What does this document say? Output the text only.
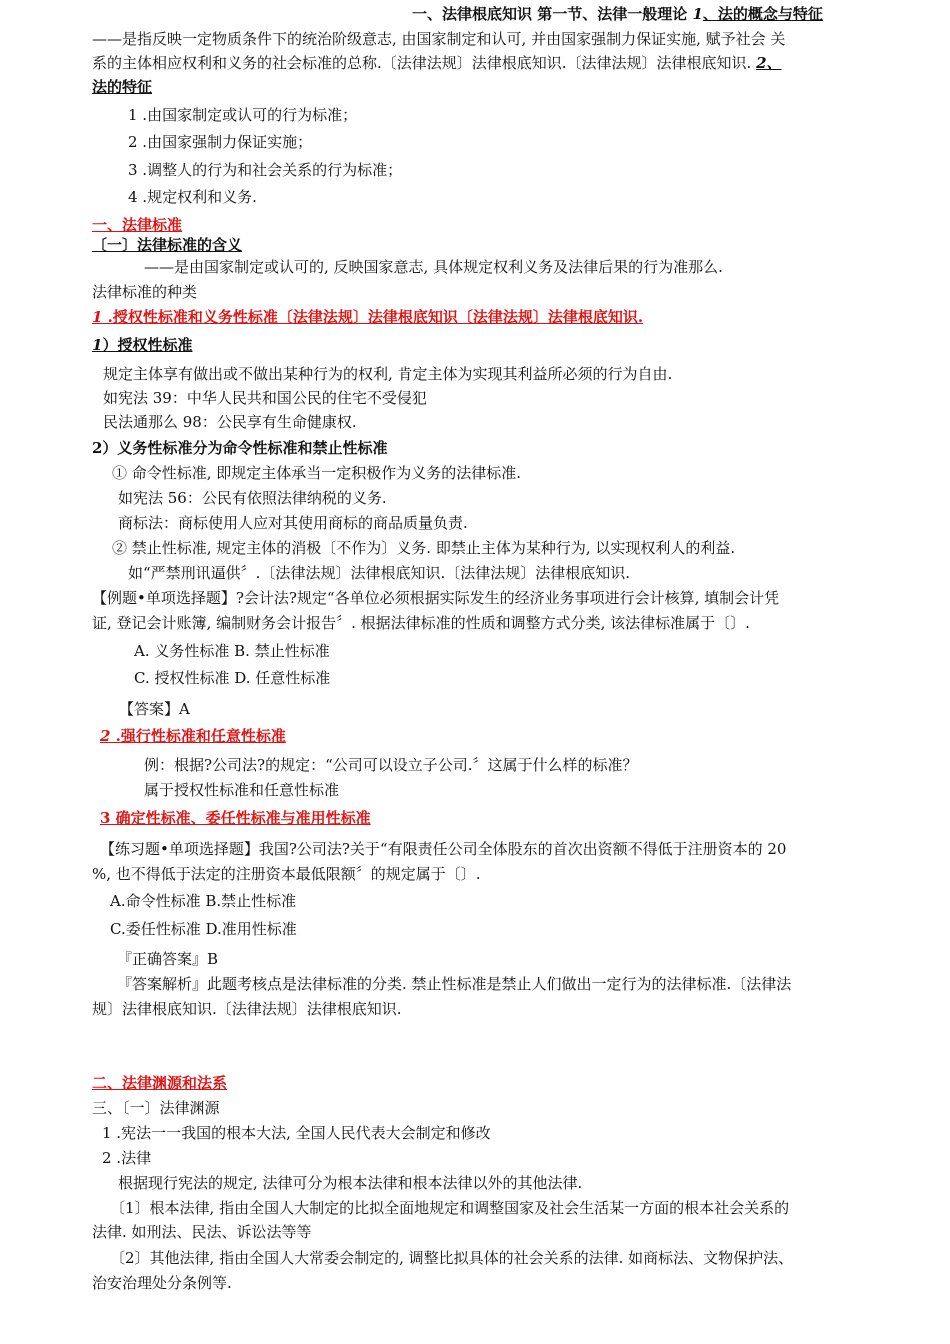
一、法律根底知识 第一节、法律一般理论 1、法的概念与特征
——是指反映一定物质条件下的统治阶级意志, 由国家制定和认可, 并由国家强制力保证实施, 赋予社会 关
系的主体相应权利和义务的社会标准的总称.〔法律法规〕法律根底知识.〔法律法规〕法律根底知识. 2、
法的特征
1 .由国家制定或认可的行为标准；
2 .由国家强制力保证实施；
3 .调整人的行为和社会关系的行为标准；
4 .规定权利和义务.
一、法律标准
〔一〕法律标准的含义
——是由国家制定或认可的, 反映国家意志, 具体规定权利义务及法律后果的行为准那么.
法律标准的种类
1 .授权性标准和义务性标准〔法律法规〕法律根底知识〔法律法规〕法律根底知识.
1）授权性标准
规定主体享有做出或不做出某种行为的权利, 肯定主体为实现其利益所必须的行为自由.
如宪法 39：中华人民共和国公民的住宅不受侵犯
民法通那么 98：公民享有生命健康权.
2）义务性标准分为命令性标准和禁止性标准
① 命令性标准, 即规定主体承当一定积极作为义务的法律标准.
如宪法 56：公民有依照法律纳税的义务.
商标法：商标使用人应对其使用商标的商品质量负责.
② 禁止性标准, 规定主体的消极〔不作为〕义务. 即禁止主体为某种行为, 以实现权利人的利益.
如“严禁刑讯逼供〞.〔法律法规〕法律根底知识.〔法律法规〕法律根底知识.
【例题•单项选择题】?会计法?规定“各单位必须根据实际发生的经济业务事项进行会计核算, 填制会计凭
证, 登记会计账簿, 编制财务会计报告〞. 根据法律标准的性质和调整方式分类, 该法律标准属于〔〕.
A. 义务性标准 B. 禁止性标准
C. 授权性标准 D. 任意性标准
【答案】A
2 .强行性标准和任意性标准
例：根据?公司法?的规定：“公司可以设立子公司.〞这属于什么样的标准？
属于授权性标准和任意性标准
3 确定性标准、委任性标准与准用性标准
【练习题•单项选择题】我国?公司法?关于“有限责任公司全体股东的首次出资额不得低于注册资本的 20
%, 也不得低于法定的注册资本最低限额〞的规定属于〔〕.
A.命令性标准 B.禁止性标准
C.委任性标准 D.准用性标准
『正确答案』B
『答案解析』此题考核点是法律标准的分类. 禁止性标准是禁止人们做出一定行为的法律标准.〔法律法
规〕法律根底知识.〔法律法规〕法律根底知识.
二、法律渊源和法系
三、〔一〕法律渊源
1 .宪法一一我国的根本大法, 全国人民代表大会制定和修改
2 .法律
根据现行宪法的规定, 法律可分为根本法律和根本法律以外的其他法律.
〔1〕根本法律, 指由全国人大制定的比拟全面地规定和调整国家及社会生活某一方面的根本社会关系的
法律. 如刑法、民法、诉讼法等等
〔2〕其他法律, 指由全国人大常委会制定的, 调整比拟具体的社会关系的法律. 如商标法、文物保护法、
治安治理处分条例等.
